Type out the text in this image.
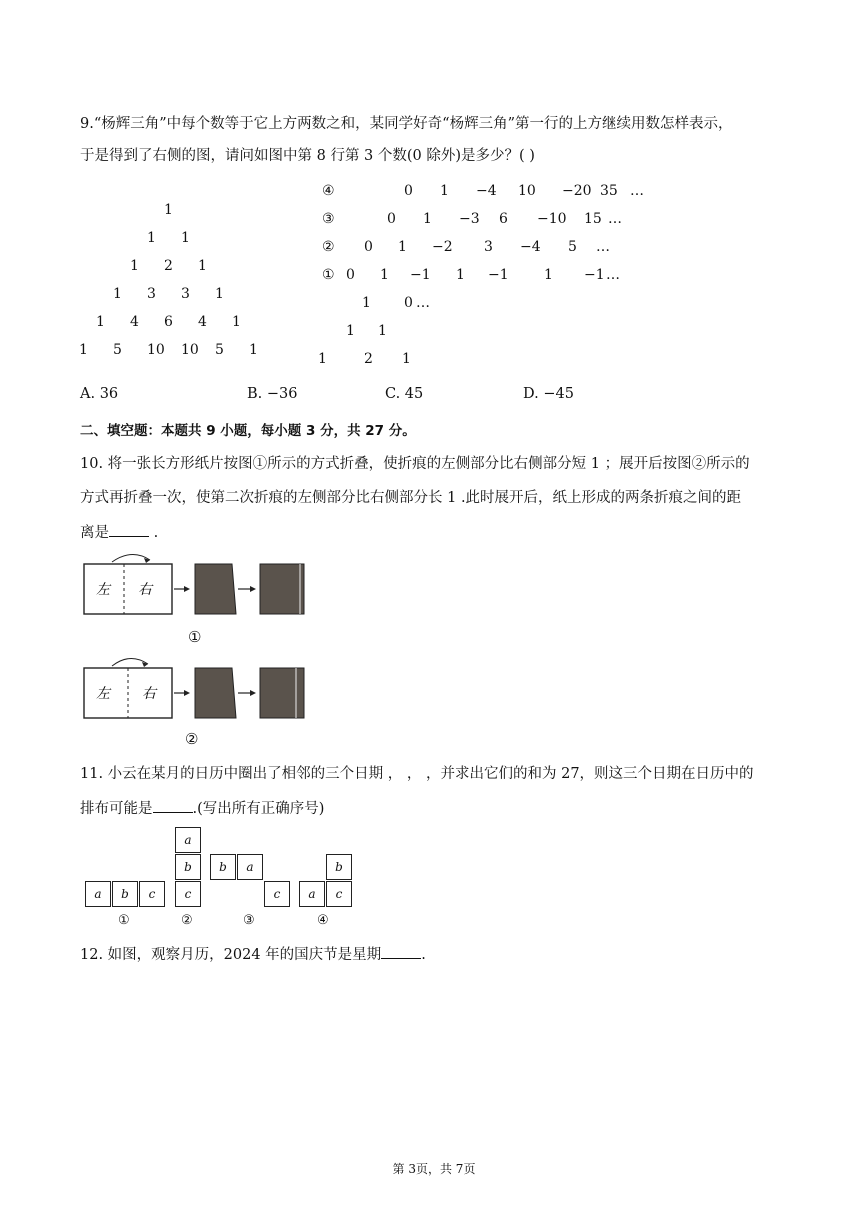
9.“杨辉三角”中每个数等于它上方两数之和，某同学好奇“杨辉三角”第一行的上方继续用数怎样表示，
于是得到了右侧的图，请问如图中第 8 行第 3 个数(0 除外)是多少？( )
1
1 1
1 2 1
1 3 3 1
1 4 6 4 1
1 5 10 10 5 1
④	0 1 −4 10 −20 35 …
③	0 1 −3 6 −10 15 …
② 0 1 −2 3 −4 5 …
① 0 1 −1 1 −1	1 −1 …
1 0 …
1 1
1	2 1
A. 36	B. −36	C. 45	D. −45
二、填空题：本题共 9 小题，每小题 3 分，共 27 分。
10. 将一张长方形纸片按图①所示的方式折叠，使折痕的左侧部分比右侧部分短 1 ；展开后按图②所示的
方式再折叠一次，使第二次折痕的左侧部分比右侧部分长 1 .此时展开后，纸上形成的两条折痕之间的距
离是	.
左 右
①
左 右
②
11. 小云在某月的日历中圈出了相邻的三个日期 ， ， ，并求出它们的和为 27，则这三个日期在日历中的
排布可能是	.(写出所有正确序号)
a	b	c
a
b
c
b	a
c
b
a	c
①	②	③	④
12. 如图，观察月历，2024 年的国庆节是星期	.
第 3页，共 7页
